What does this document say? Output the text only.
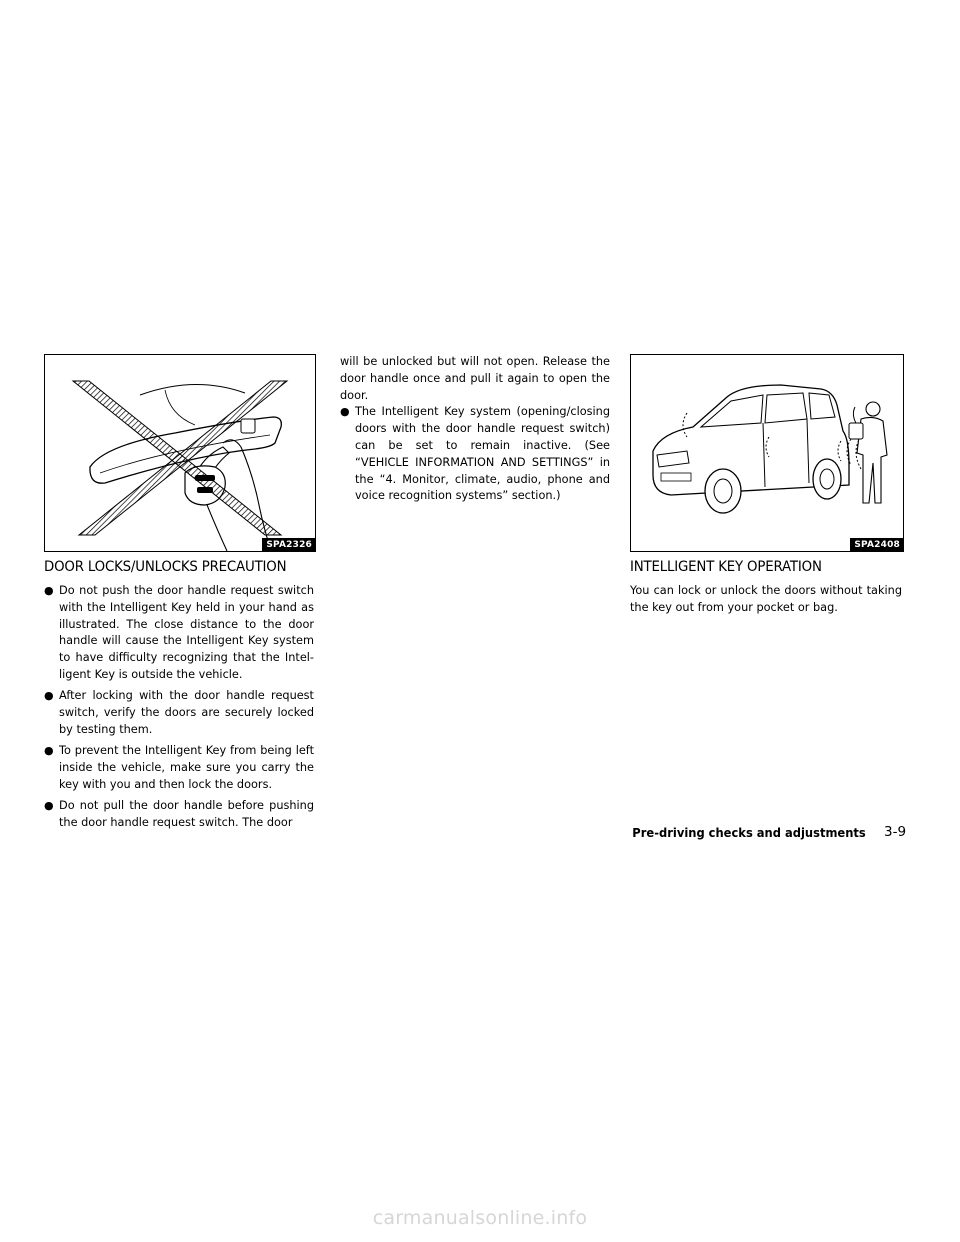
SPA2326	SPA2408
DOOR LOCKS/UNLOCKS PRECAUTION
● Do not push the door handle request switch with the Intelligent Key held in your hand as illustrated. The close distance to the door handle will cause the Intelligent Key system to have difficulty recognizing that the Intel-ligent Key is outside the vehicle.
● After locking with the door handle request switch, verify the doors are securely locked by testing them.
● To prevent the Intelligent Key from being left inside the vehicle, make sure you carry the key with you and then lock the doors.
● Do not pull the door handle before pushing the door handle request switch. The door

will be unlocked but will not open. Release the door handle once and pull it again to open the door.

● The Intelligent Key system (opening/closing doors with the door handle request switch) can be set to remain inactive. (See “VEHICLE INFORMATION AND SETTINGS” in the “4. Monitor, climate, audio, phone and voice recognition systems” section.)
INTELLIGENT KEY OPERATION

You can lock or unlock the doors without taking the key out from your pocket or bag.

Pre-driving checks and adjustments 3-9
carmanualsonline.info
